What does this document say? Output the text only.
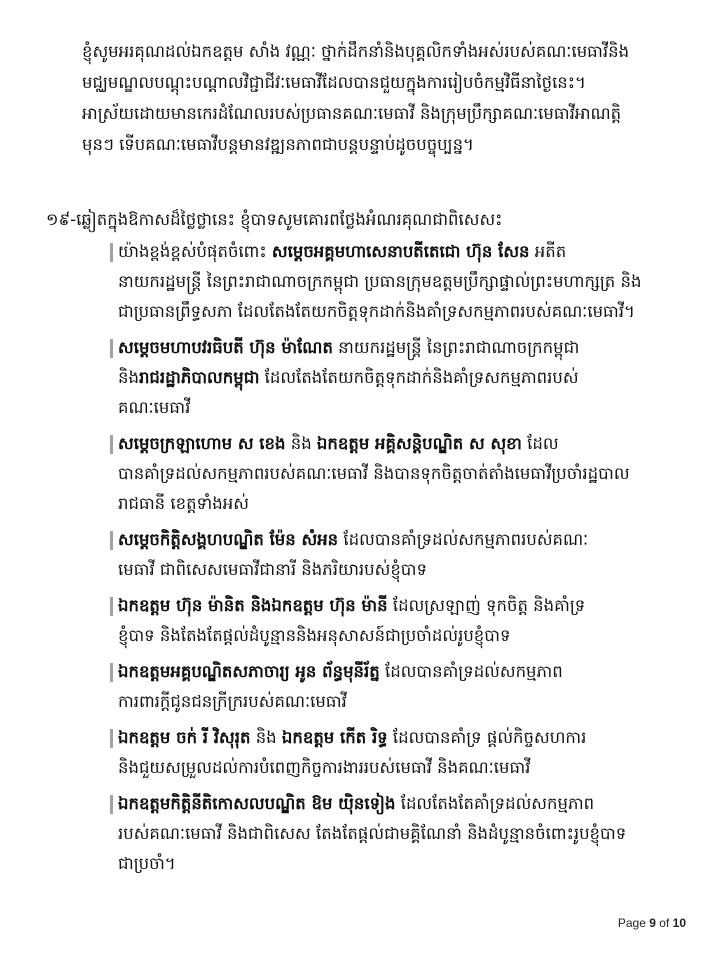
ខ្ញុំសូមអរគុណដល់ឯកឧត្តម សាំង វណ្ណៈ ថ្នាក់ដឹកនាំនិងបុគ្គលិកទាំងអស់របស់គណៈមេធាវីនិង
មជ្ឈមណ្ឌលបណ្តុះបណ្តាលវិជ្ជាជីវៈមេធាវីដែលបានជួយក្នុងការរៀបចំកម្មវិធីនាថ្ងៃនេះ។
អាស្រ័យដោយមានកេរដំណែលរបស់ប្រធានគណៈមេធាវី និងក្រុមប្រឹក្សាគណៈមេធាវីអាណត្តិ
មុនៗ ទើបគណៈមេធាវីបន្តមានវឌ្ឍនភាពជាបន្តបន្ទាប់ដូចបច្ចុប្បន្ន។

១៩-ឆ្លៀតក្នុងឱកាសដ៏ថ្លៃថ្លានេះ ខ្ញុំបាទសូមគោរពថ្លែងអំណរគុណជាពិសេសះ

យ៉ាងខ្ពង់ខ្ពស់បំផុតចំពោះ សម្តេចអគ្គមហាសេនាបតីតេជោ ហ៊ុន សែន អតីត
នាយករដ្ឋមន្រ្តី នៃព្រះរាជាណាចក្រកម្ពុជា ប្រធានក្រុមឧត្តមប្រឹក្សាផ្ទាល់ព្រះមហាក្សត្រ និង
ជាប្រធានព្រឹទ្ធសភា ដែលតែងតែយកចិត្តទុកដាក់និងគាំទ្រសកម្មភាពរបស់គណៈមេធាវី។
សម្តេចមហាបវរធិបតី ហ៊ុន ម៉ាណែត នាយករដ្ឋមន្រ្តី នៃព្រះរាជាណាចក្រកម្ពុជា
និងរាជរដ្ឋាភិបាលកម្ពុជា ដែលតែងតែយកចិត្តទុកដាក់និងគាំទ្រសកម្មភាពរបស់
គណៈមេធាវី
សម្តេចក្រឡាហោម ស ខេង និង ឯកឧត្តម អគ្គិសន្តិបណ្ឌិត ស សុខា ដែល
បានគាំទ្រដល់សកម្មភាពរបស់គណៈមេធាវី និងបានទុកចិត្តចាត់តាំងមេធាវីប្រចាំរដ្ឋបាល
រាជធានី ខេត្តទាំងអស់
សម្តេចកិត្តិសង្គហបណ្ឌិត ម៉ែន សំអន ដែលបានគាំទ្រដល់សកម្មភាពរបស់គណៈ
មេធាវី ជាពិសេសមេធាវីជានារី និងភរិយារបស់ខ្ញុំបាទ
ឯកឧត្តម ហ៊ុន ម៉ានិត និងឯកឧត្តម ហ៊ុន ម៉ានី ដែលស្រឡាញ់ ទុកចិត្ត និងគាំទ្រ
ខ្ញុំបាទ និងតែងតែផ្តល់ដំបូន្មាននិងអនុសាសន៍ជាប្រចាំដល់រូបខ្ញុំបាទ
ឯកឧត្តមអគ្គបណ្ឌិតសភាចារ្យ អូន ព័ន្ធមុនីរ័ត្ន ដែលបានគាំទ្រដល់សកម្មភាព
ការពារក្តីជូនជនក្រីក្ររបស់គណៈមេធាវី
ឯកឧត្តម ចក់ រី វិសុរុត និង ឯកឧត្តម កើត រិទ្ធ ដែលបានគាំទ្រ ផ្តល់កិច្ចសហការ
និងជួយសម្រួលដល់ការបំពេញកិច្ចការងាររបស់មេធាវី និងគណៈមេធាវី
ឯកឧត្តមកិត្តិនីតិកោសលបណ្ឌិត ឱម យ៉ិនទៀង ដែលតែងតែគាំទ្រដល់សកម្មភាព
របស់គណៈមេធាវី និងជាពិសេស តែងតែផ្តល់ជាមគ្គិណែនាំ និងដំបូន្មានចំពោះរូបខ្ញុំបាទ
ជាប្រចាំ។
Page 9 of 10
